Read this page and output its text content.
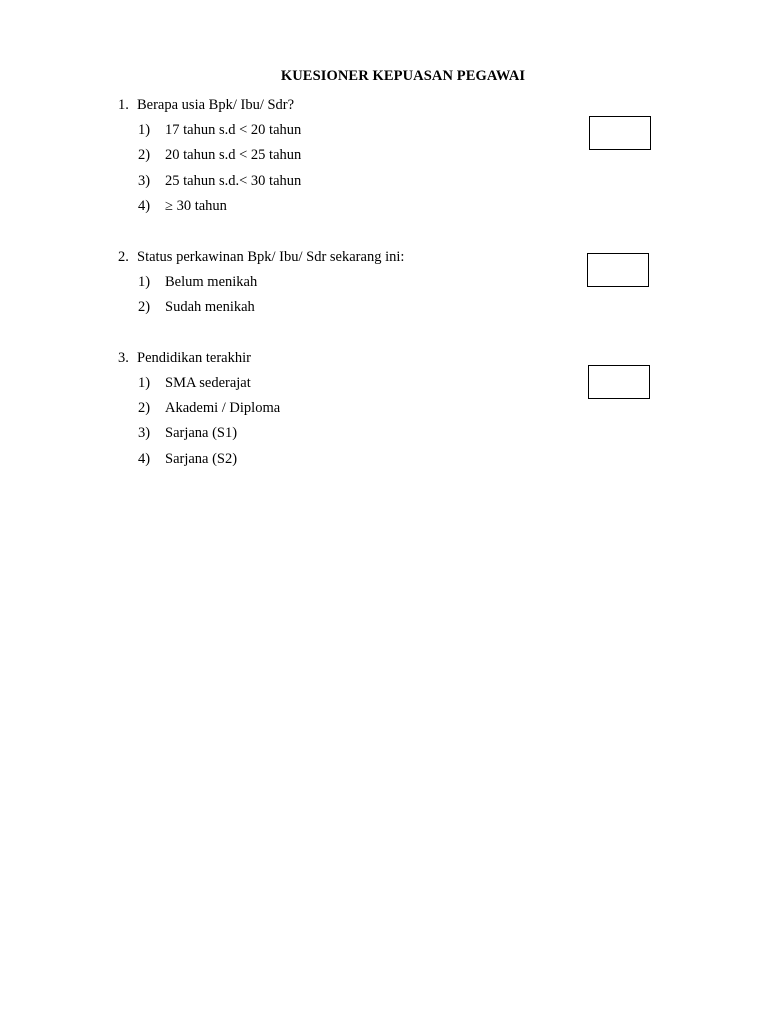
KUESIONER KEPUASAN PEGAWAI
1. Berapa usia Bpk/ Ibu/ Sdr?
1) 17 tahun s.d < 20 tahun
2) 20 tahun s.d < 25 tahun
3) 25 tahun s.d.< 30 tahun
4) ≥ 30 tahun
2. Status perkawinan Bpk/ Ibu/ Sdr sekarang ini:
1) Belum menikah
2) Sudah menikah
3. Pendidikan terakhir
1) SMA sederajat
2) Akademi / Diploma
3) Sarjana (S1)
4) Sarjana (S2)
